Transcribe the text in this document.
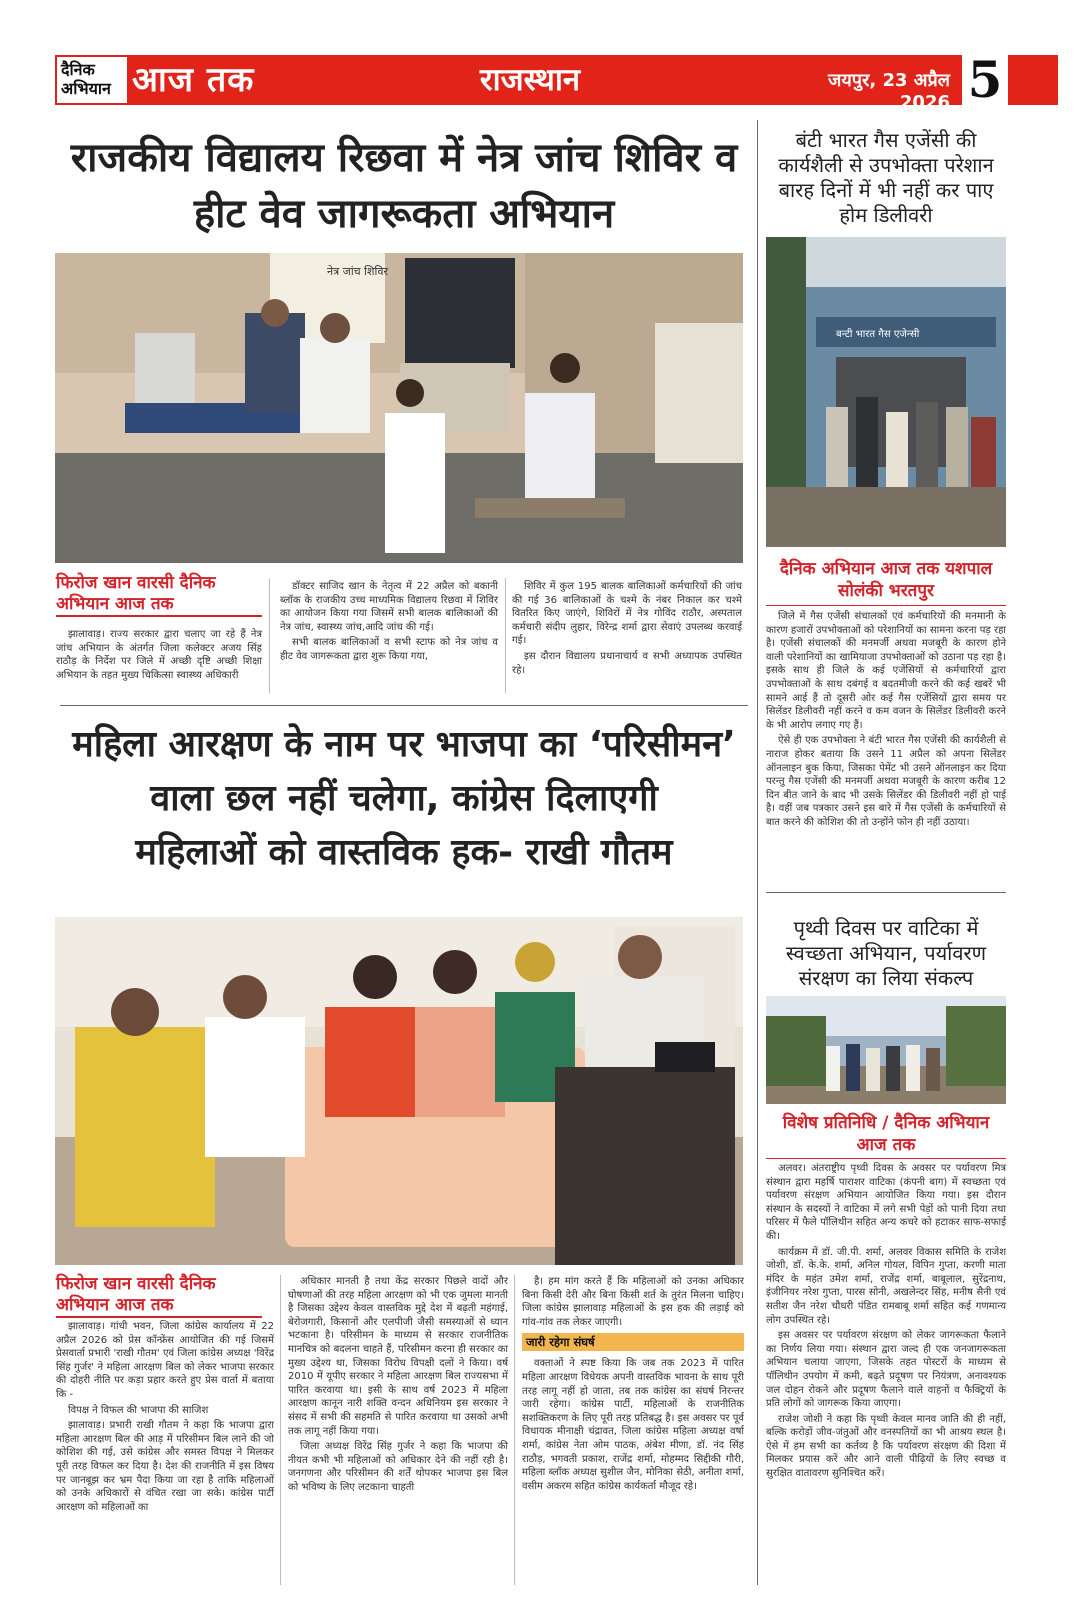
दैनिक
अभियान आज तक	राजस्थान	जयपुर, 23 अप्रैल 2026 5
राजकीय विद्यालय रिछवा में नेत्र जांच शिविर व हीट वेव जागरूकता अभियान
नेत्र जांच शिविर
फिरोज खान वारसी दैनिक अभियान आज तक

झालावाड़। राज्य सरकार द्वारा चलाए जा रहे हैं नेत्र जांच अभियान के अंतर्गत जिला कलेक्टर अजय सिंह राठौड़ के निर्देश पर जिले में अच्छी दृष्टि अच्छी शिक्षा अभियान के तहत मुख्य चिकित्सा स्वास्थ्य अधिकारी

डॉक्टर साजिद खान के नेतृत्व में 22 अप्रैल को बकानी ब्लॉक के राजकीय उच्च माध्यमिक विद्यालय रिछवा में शिविर का आयोजन किया गया जिसमें सभी बालक बालिकाओं की नेत्र जांच, स्वास्थ्य जांच,आदि जांच की गई।

सभी बालक बालिकाओं व सभी स्टाफ को नेत्र जांच व हीट वेव जागरूकता द्वारा शुरू किया गया,

शिविर में कुल 195 बालक बालिकाओं कर्मचारियों की जांच की गई 36 बालिकाओं के चश्मे के नंबर निकाल कर चश्मे वितरित किए जाएंगे, शिविरों में नेत्र गोविंद राठौर, अस्पताल कर्मचारी संदीप लुहार, विरेन्द्र शर्मा द्वारा सेवाएं उपलब्ध करवाई गई।

इस दौरान विद्यालय प्रधानाचार्य व सभी अध्यापक उपस्थित रहे।

महिला आरक्षण के नाम पर भाजपा का ‘परिसीमन’
वाला छल नहीं चलेगा, कांग्रेस दिलाएगी
महिलाओं को वास्तविक हक- राखी गौतम
फिरोज खान वारसी दैनिक अभियान आज तक

झालावाड़। गांधी भवन, जिला कांग्रेस कार्यालय में 22 अप्रैल 2026 को प्रेस कॉन्फ्रेंस आयोजित की गई जिसमें प्रेसवार्ता प्रभारी 'राखी गौतम' एवं जिला कांग्रेस अध्यक्ष 'विरेंद्र सिंह गुर्जर' ने महिला आरक्षण बिल को लेकर भाजपा सरकार की दोहरी नीति पर कड़ा प्रहार करते हुए प्रेस वार्ता में बताया कि -

विपक्ष ने विफल की भाजपा की साजिश

झालावाड़। प्रभारी राखी गौतम ने कहा कि भाजपा द्वारा महिला आरक्षण बिल की आड़ में परिसीमन बिल लाने की जो कोशिश की गई, उसे कांग्रेस और समस्त विपक्ष ने मिलकर पूरी तरह विफल कर दिया है। देश की राजनीति में इस विषय पर जानबूझ कर भ्रम पैदा किया जा रहा है ताकि महिलाओं को उनके अधिकारों से वंचित रखा जा सके। कांग्रेस पार्टी आरक्षण को महिलाओं का

अधिकार मानती है तथा केंद्र सरकार पिछले वादों और घोषणाओं की तरह महिला आरक्षण को भी एक जुमला मानती है जिसका उद्देश्य केवल वास्तविक मुद्दे देश में बढ़ती महंगाई, बेरोजगारी, किसानों और एलपीजी जैसी समस्याओं से ध्यान भटकाना है। परिसीमन के माध्यम से सरकार राजनीतिक मानचित्र को बदलना चाहते हैं, परिसीमन करना ही सरकार का मुख्य उद्देश्य था, जिसका विरोध विपक्षी दलों ने किया। वर्ष 2010 में यूपीए सरकार ने महिला आरक्षण बिल राज्यसभा में पारित करवाया था। इसी के साथ वर्ष 2023 में महिला आरक्षण कानून नारी शक्ति वन्दन अधिनियम इस सरकार ने संसद में सभी की सहमति से पारित करवाया था उसको अभी तक लागू नहीं किया गया।

जिला अध्यक्ष विरेंद्र सिंह गुर्जर ने कहा कि भाजपा की नीयत कभी भी महिलाओं को अधिकार देने की नहीं रही है। जनगणना और परिसीमन की शर्तें थोपकर भाजपा इस बिल को भविष्य के लिए लटकाना चाहती

है। हम मांग करते हैं कि महिलाओं को उनका अधिकार बिना किसी देरी और बिना किसी शर्त के तुरंत मिलना चाहिए। जिला कांग्रेस झालावाड़ महिलाओं के इस हक की लड़ाई को गांव-गांव तक लेकर जाएगी।

जारी रहेगा संघर्ष

वक्ताओं ने स्पष्ट किया कि जब तक 2023 में पारित महिला आरक्षण विधेयक अपनी वास्तविक भावना के साथ पूरी तरह लागू नहीं हो जाता, तब तक कांग्रेस का संघर्ष निरन्तर जारी रहेगा। कांग्रेस पार्टी, महिलाओं के राजनीतिक सशक्तिकरण के लिए पूरी तरह प्रतिबद्ध है। इस अवसर पर पूर्व विधायक मीनाक्षी चंद्रावत, जिला कांग्रेस महिला अध्यक्ष वर्षा शर्मा, कांग्रेस नेता ओम पाठक, अंबेश मीणा, डॉ. नंद सिंह राठौड़, भगवती प्रकाश, राजेंद्र शर्मा, मोहम्मद सिद्दीकी गौरी, महिला ब्लॉक अध्यक्ष सुशील जैन, मोनिका सेठी, अनीता शर्मा, वसीम अकरम सहित कांग्रेस कार्यकर्ता मौजूद रहे।

बंटी भारत गैस एजेंसी की कार्यशैली से उपभोक्ता परेशान बारह दिनों में भी नहीं कर पाए होम डिलीवरी
बन्टी भारत गैस एजेन्सी
दैनिक अभियान आज तक यशपाल सोलंकी भरतपुर

जिले में गैस एजेंसी संचालकों एवं कर्मचारियों की मनमानी के कारण हजारों उपभोक्ताओं को परेशानियों का सामना करना पड़ रहा है। एजेंसी संचालकों की मनमर्जी अथवा मजबूरी के कारण होने वाली परेशानियों का खामियाजा उपभोक्ताओं को उठाना पड़ रहा है। इसके साथ ही जिले के कई एजेंसियों से कर्मचारियों द्वारा उपभोक्ताओं के साथ दबंगई व बदतमीजी करने की कई खबरें भी सामने आई हैं तो दूसरी ओर कई गैस एजेंसियों द्वारा समय पर सिलेंडर डिलीवरी नहीं करने व कम वजन के सिलेंडर डिलीवरी करने के भी आरोप लगाए गए हैं।

ऐसे ही एक उपभोक्ता ने बंटी भारत गैस एजेंसी की कार्यशैली से नाराज होकर बताया कि उसने 11 अप्रैल को अपना सिलेंडर ऑनलाइन बुक किया, जिसका पेमेंट भी उसने ऑनलाइन कर दिया परन्तु गैस एजेंसी की मनमर्जी अथवा मजबूरी के कारण करीब 12 दिन बीत जाने के बाद भी उसके सिलेंडर की डिलीवरी नहीं हो पाई है। वहीं जब पत्रकार उसने इस बारे में गैस एजेंसी के कर्मचारियों से बात करने की कोशिश की तो उन्होंने फोन ही नहीं उठाया।

पृथ्वी दिवस पर वाटिका में स्वच्छता अभियान, पर्यावरण संरक्षण का लिया संकल्प
विशेष प्रतिनिधि / दैनिक अभियान आज तक

अलवर। अंतराष्ट्रीय पृथ्वी दिवस के अवसर पर पर्यावरण मित्र संस्थान द्वारा महर्षि पाराशर वाटिका (कंपनी बाग) में स्वच्छता एवं पर्यावरण संरक्षण अभियान आयोजित किया गया। इस दौरान संस्थान के सदस्यों ने वाटिका में लगे सभी पेड़ों को पानी दिया तथा परिसर में फैले पॉलिथीन सहित अन्य कचरे को हटाकर साफ-सफाई की।

कार्यक्रम में डॉ. जी.पी. शर्मा, अलवर विकास समिति के राजेश जोशी, डॉ. के.के. शर्मा, अनिल गोयल, विपिन गुप्ता, करणी माता मंदिर के महंत उमेश शर्मा, राजेंद्र शर्मा, बाबूलाल, सुरेंद्रनाथ, इंजीनियर नरेश गुप्ता, पारस सोनी, अखलेन्दर सिंह, मनीष सैनी एवं सतीश जैन नरेश चौधरी पंडित रामबाबू शर्मा सहित कई गणमान्य लोग उपस्थित रहे।

इस अवसर पर पर्यावरण संरक्षण को लेकर जागरूकता फैलाने का निर्णय लिया गया। संस्थान द्वारा जल्द ही एक जनजागरूकता अभियान चलाया जाएगा, जिसके तहत पोस्टरों के माध्यम से पॉलिथीन उपयोग में कमी, बढ़ते प्रदूषण पर नियंत्रण, अनावश्यक जल दोहन रोकने और प्रदूषण फैलाने वाले वाहनों व फैक्ट्रियों के प्रति लोगों को जागरूक किया जाएगा।

राजेश जोशी ने कहा कि पृथ्वी केवल मानव जाति की ही नहीं, बल्कि करोड़ों जीव-जंतुओं और वनस्पतियों का भी आश्रय स्थल है। ऐसे में हम सभी का कर्तव्य है कि पर्यावरण संरक्षण की दिशा में मिलकर प्रयास करें और आने वाली पीढ़ियों के लिए स्वच्छ व सुरक्षित वातावरण सुनिश्चित करें।
